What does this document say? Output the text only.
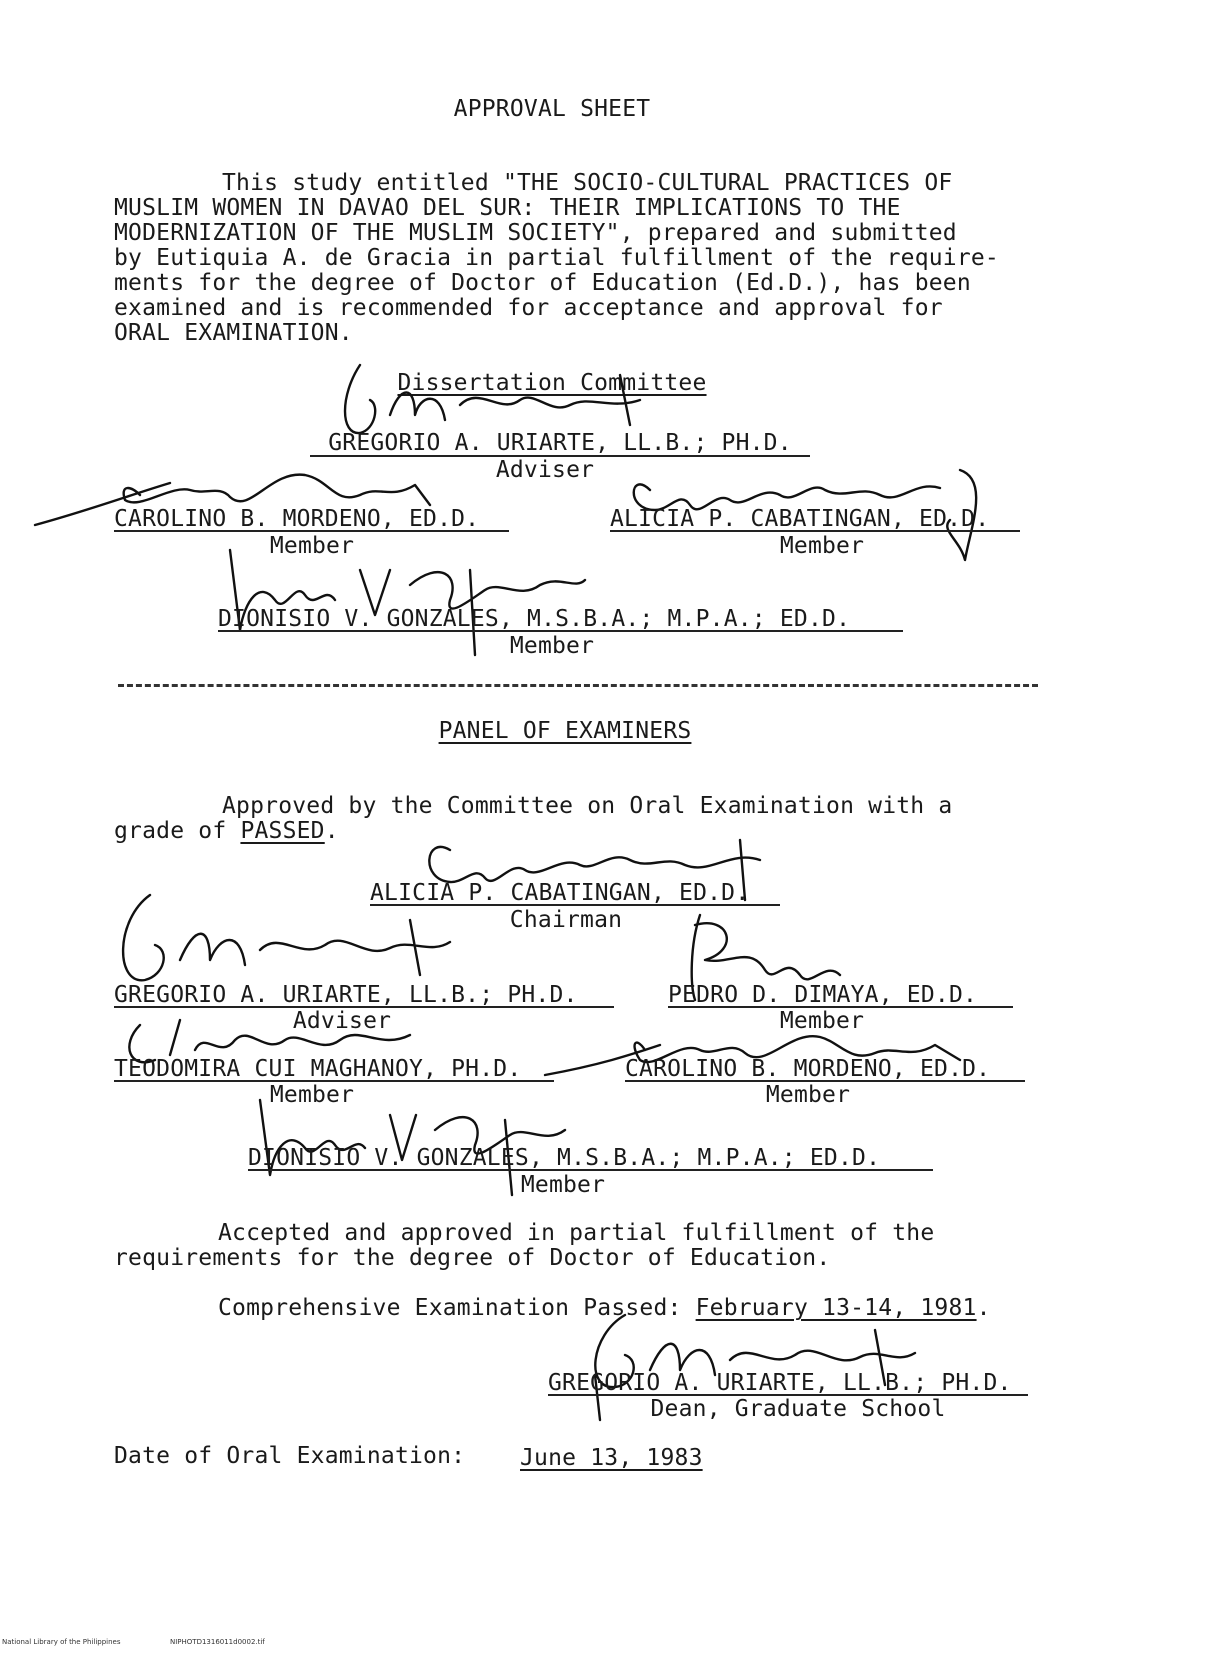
APPROVAL SHEET
This study entitled "THE SOCIO-CULTURAL PRACTICES OF
MUSLIM WOMEN IN DAVAO DEL SUR: THEIR IMPLICATIONS TO THE
MODERNIZATION OF THE MUSLIM SOCIETY", prepared and submitted
by Eutiquia A. de Gracia in partial fulfillment of the require-
ments for the degree of Doctor of Education (Ed.D.), has been
examined and is recommended for acceptance and approval for
ORAL EXAMINATION.
Dissertation Committee
GREGORIO A. URIARTE, LL.B.; PH.D.
Adviser
CAROLINO B. MORDENO, ED.D.
Member
ALICIA P. CABATINGAN, ED.D.
Member
DIONISIO V. GONZALES, M.S.B.A.; M.P.A.; ED.D.
Member
PANEL OF EXAMINERS
Approved by the Committee on Oral Examination with a
grade of PASSED.
ALICIA P. CABATINGAN, ED.D.
Chairman
GREGORIO A. URIARTE, LL.B.; PH.D.
Adviser
PEDRO D. DIMAYA, ED.D.
Member
TEODOMIRA CUI MAGHANOY, PH.D.
Member
CAROLINO B. MORDENO, ED.D.
Member
DIONISIO V. GONZALES, M.S.B.A.; M.P.A.; ED.D.
Member
Accepted and approved in partial fulfillment of the
requirements for the degree of Doctor of Education.
Comprehensive Examination Passed: February 13-14, 1981.
GREGORIO A. URIARTE, LL.B.; PH.D.
Dean, Graduate School
Date of Oral Examination: June 13, 1983
National Library of the Philippines	NIPHOTD1316011d0002.tif
